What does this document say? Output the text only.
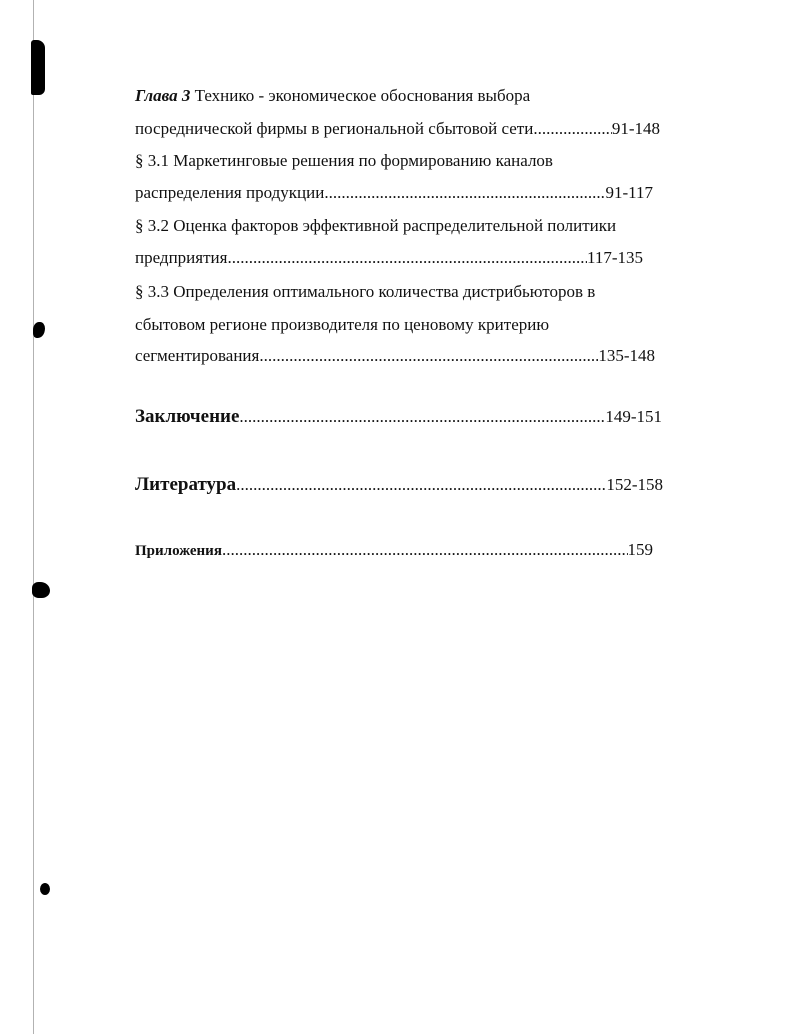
Глава 3 Технико - экономическое обоснования выбора
посреднической фирмы в региональной сбытовой сети .....	91-148
§ 3.1 Маркетинговые решения по формированию каналов
распределения продукции .....	91-117
§ 3.2 Оценка факторов эффективной распределительной политики
предприятия .....	117-135
§ 3.3 Определения оптимального количества дистрибьюторов в
сбытовом регионе производителя по ценовому критерию
сегментирования .....	135-148
Заключение .....	149-151
Литература .....	152-158
Приложения .....	159
